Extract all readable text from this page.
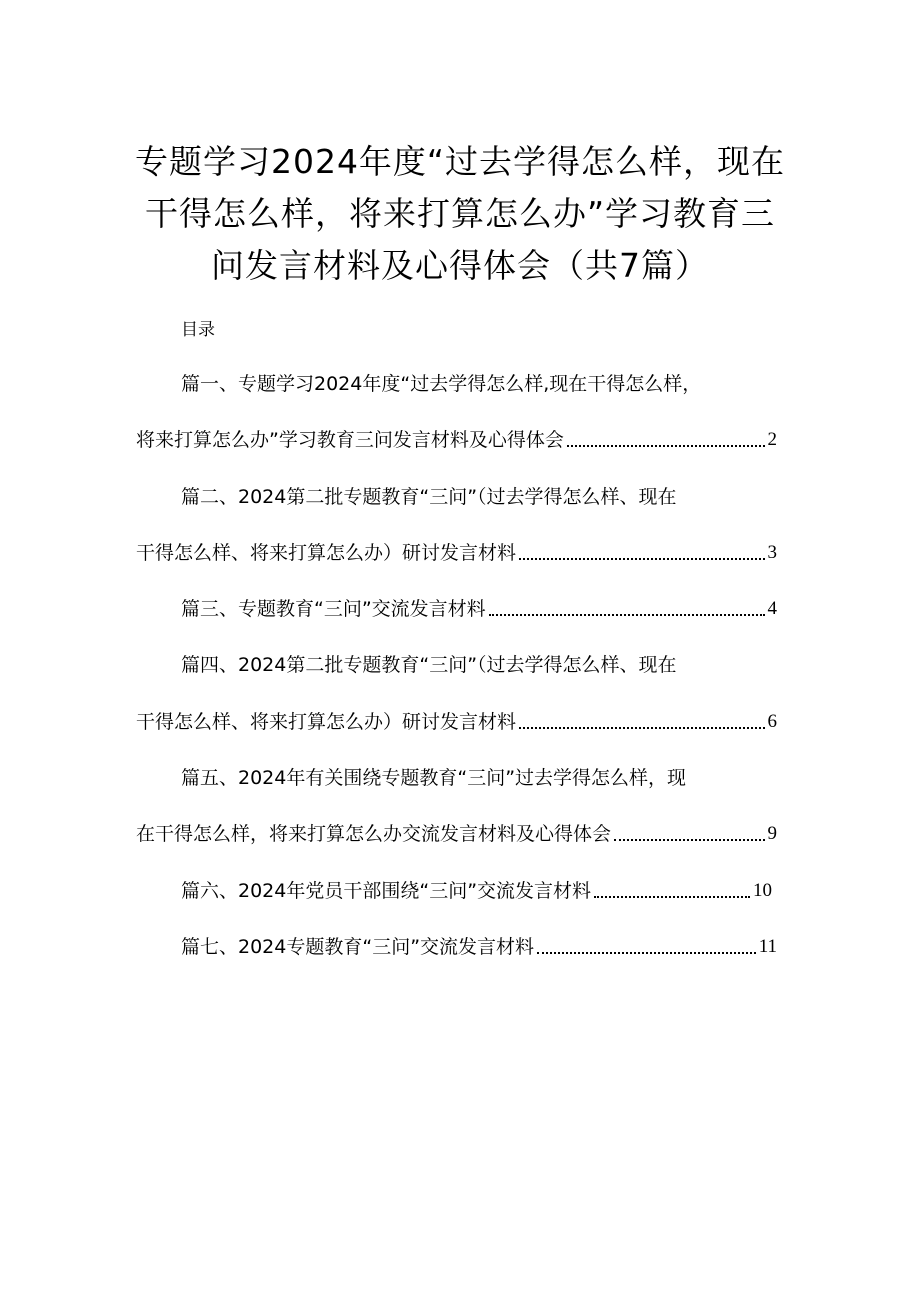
专题学习2024年度“过去学得怎么样，现在
干得怎么样，将来打算怎么办”学习教育三
问发言材料及心得体会（共7篇）
目录
篇一、专题学习2024年度“过去学得怎么样,现在干得怎么样，
将来打算怎么办”学习教育三问发言材料及心得体会	2
篇二、2024第二批专题教育“三问”（过去学得怎么样、现在
干得怎么样、将来打算怎么办）研讨发言材料	3
篇三、专题教育“三问”交流发言材料	4
篇四、2024第二批专题教育“三问”（过去学得怎么样、现在
干得怎么样、将来打算怎么办）研讨发言材料	6
篇五、2024年有关围绕专题教育“三问”过去学得怎么样，现
在干得怎么样，将来打算怎么办交流发言材料及心得体会	9
篇六、2024年党员干部围绕“三问”交流发言材料	10
篇七、2024专题教育“三问”交流发言材料	11
